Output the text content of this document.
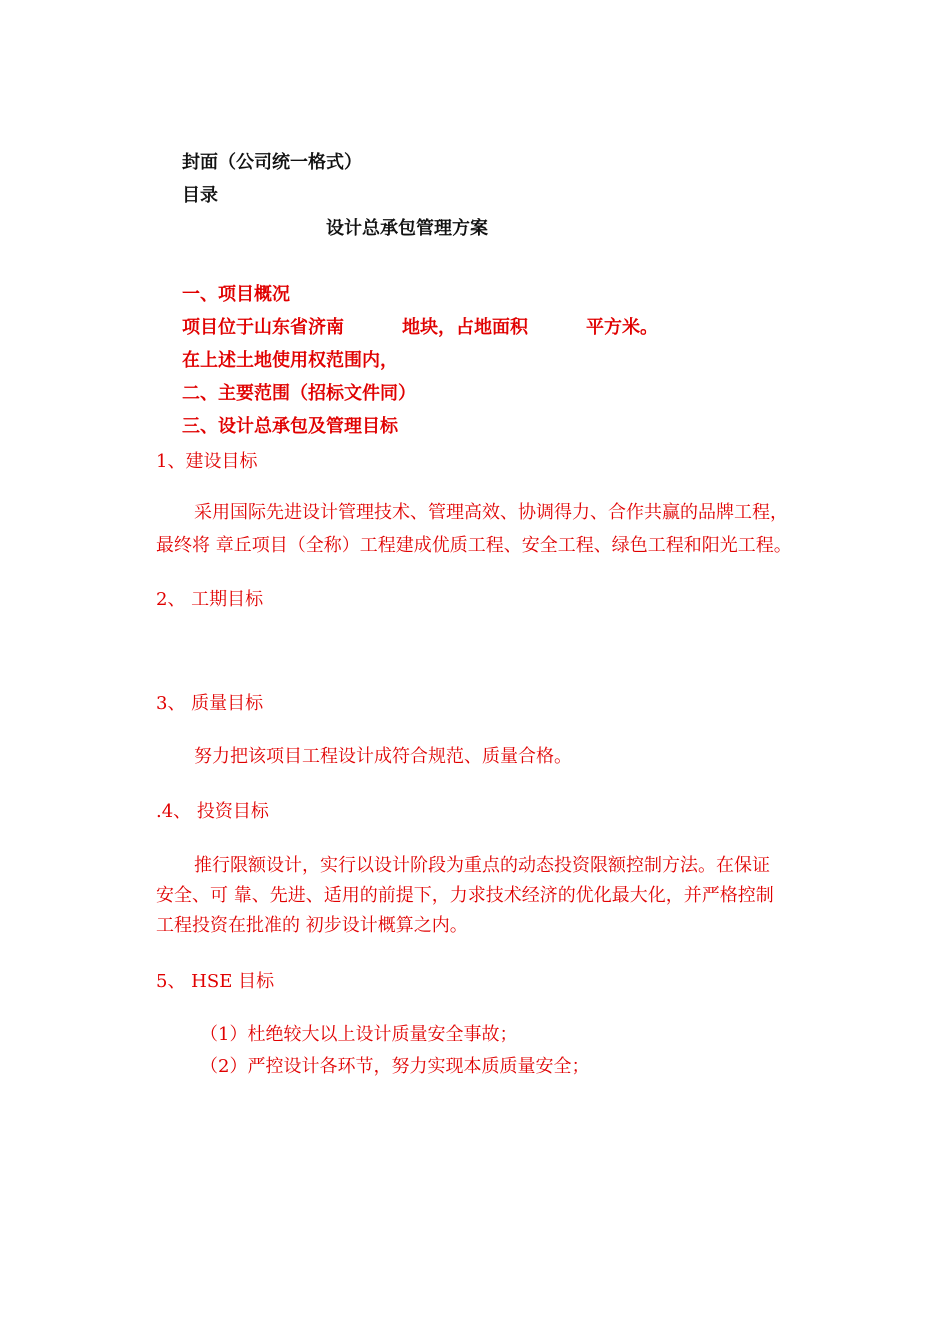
封面（公司统一格式）
目录
设计总承包管理方案
一、项目概况
项目位于山东省济南	地块，占地面积	平方米。
在上述土地使用权范围内，
二、主要范围（招标文件同）
三、设计总承包及管理目标
1、建设目标
采用国际先进设计管理技术、管理高效、协调得力、合作共赢的品牌工程，
最终将 章丘项目（全称）工程建成优质工程、安全工程、绿色工程和阳光工程。
2、 工期目标
3、 质量目标
努力把该项目工程设计成符合规范、质量合格。
.4、 投资目标
推行限额设计，实行以设计阶段为重点的动态投资限额控制方法。在保证
安全、可 靠、先进、适用的前提下，力求技术经济的优化最大化，并严格控制
工程投资在批准的 初步设计概算之内。
5、 HSE 目标
（1）杜绝较大以上设计质量安全事故；
（2）严控设计各环节，努力实现本质质量安全；
